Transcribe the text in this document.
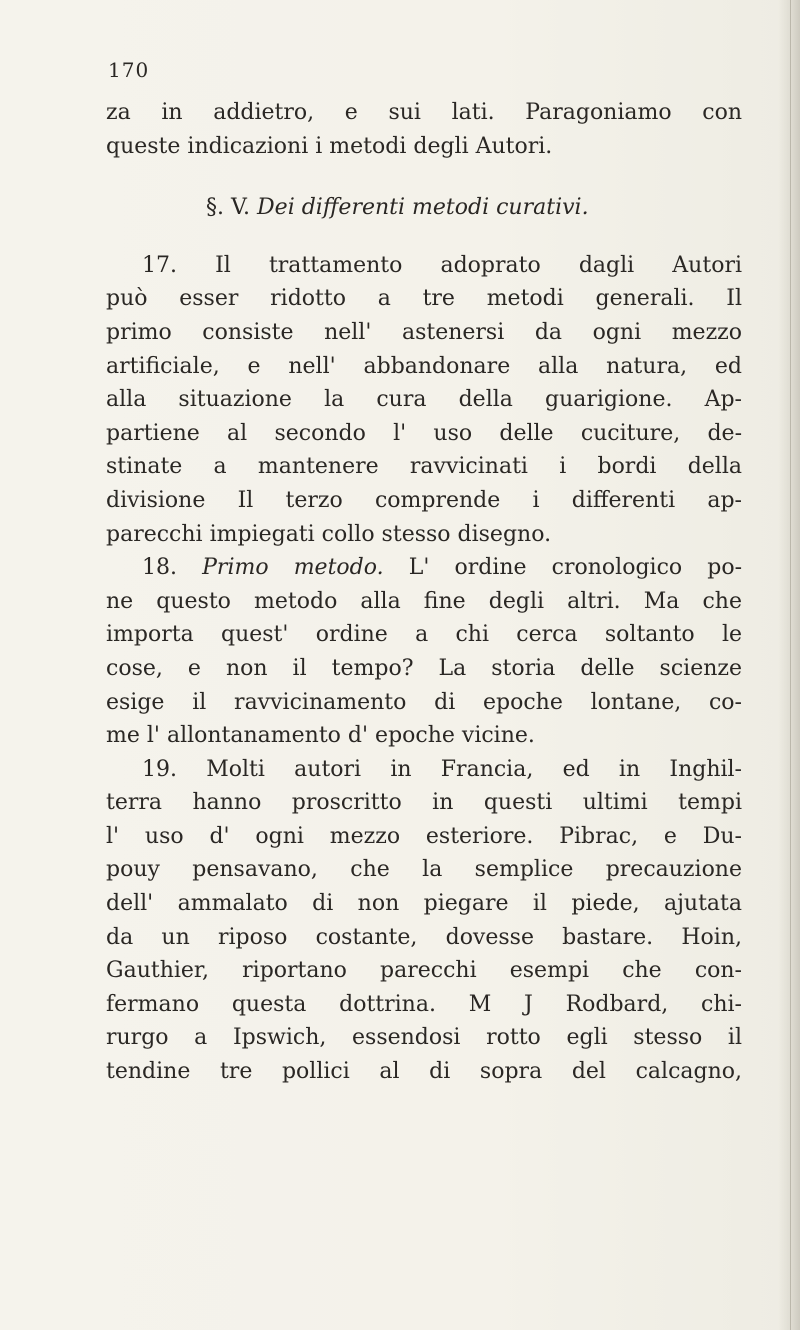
170
za in addietro, e sui lati. Paragoniamo con
queste indicazioni i metodi degli Autori.
§. V. Dei differenti metodi curativi.
17. Il trattamento adoprato dagli Autori
può esser ridotto a tre metodi generali. Il
primo consiste nell' astenersi da ogni mezzo
artificiale, e nell' abbandonare alla natura, ed
alla situazione la cura della guarigione. Ap-
partiene al secondo l' uso delle cuciture, de-
stinate a mantenere ravvicinati i bordi della
divisione Il terzo comprende i differenti ap-
parecchi impiegati collo stesso disegno.
18. Primo metodo. L' ordine cronologico po-
ne questo metodo alla fine degli altri. Ma che
importa quest' ordine a chi cerca soltanto le
cose, e non il tempo? La storia delle scienze
esige il ravvicinamento di epoche lontane, co-
me l' allontanamento d' epoche vicine.
19. Molti autori in Francia, ed in Inghil-
terra hanno proscritto in questi ultimi tempi
l' uso d' ogni mezzo esteriore. Pibrac, e Du-
pouy pensavano, che la semplice precauzione
dell' ammalato di non piegare il piede, ajutata
da un riposo costante, dovesse bastare. Hoin,
Gauthier, riportano parecchi esempi che con-
fermano questa dottrina. M J Rodbard, chi-
rurgo a Ipswich, essendosi rotto egli stesso il
tendine tre pollici al di sopra del calcagno,
